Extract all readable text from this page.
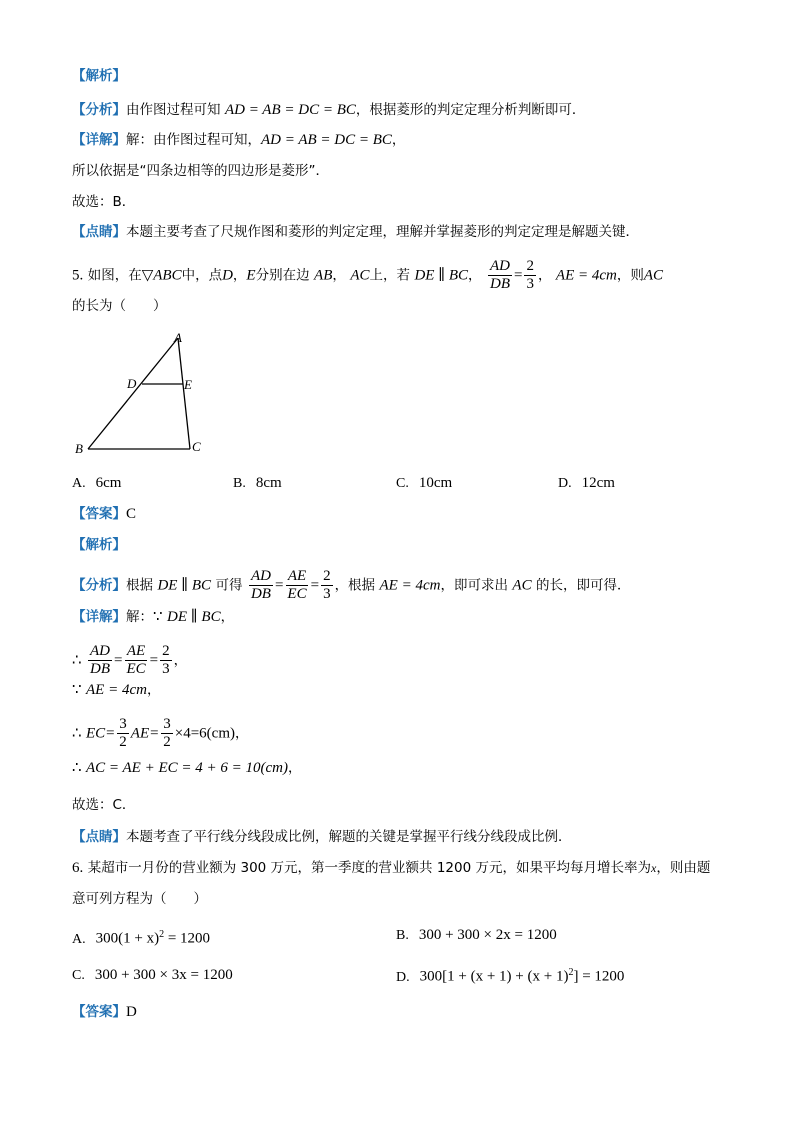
【解析】
【分析】由作图过程可知 AD = AB = DC = BC，根据菱形的判定定理分析判断即可．
【详解】解：由作图过程可知，AD = AB = DC = BC，
所以依据是“四条边相等的四边形是菱形”．
故选：B．
【点睛】本题主要考查了尺规作图和菱形的判定定理，理解并掌握菱形的判定定理是解题关键．
5. 如图，在▽ABC中，点D，E分别在边 AB， AC上，若 DE ∥ BC， $\frac{AD}{DB} = \frac{2}{3}$ ， AE = 4cm，则AC
的长为（　　）
A
D	E
B	C
A. 6cm	B. 8cm	C. 10cm	D. 12cm
【答案】C
【解析】
【分析】根据 DE ∥ BC 可得 $\frac{AD}{DB} = \frac{AE}{EC} = \frac{2}{3}$ ，根据 AE = 4cm，即可求出 AC 的长，即可得．
【详解】解：∵ DE ∥ BC，
∴ $\frac{AD}{DB} = \frac{AE}{EC} = \frac{2}{3}$ ，
∵ AE = 4cm，
∴ $EC= \frac{3}{2} AE= \frac{3}{2} \times 4=6(cm)$，
∴ AC = AE + EC = 4 + 6 = 10(cm)，
故选：C．
【点睛】本题考查了平行线分线段成比例，解题的关键是掌握平行线分线段成比例．
6. 某超市一月份的营业额为 300 万元，第一季度的营业额共 1200 万元，如果平均每月增长率为x，则由题
意可列方程为（　　）
A. $300(1 + x)^2 = 1200$	B. 300 + 300 × 2x = 1200
C. 300 + 300 × 3x = 1200	D. $300[1 + (x + 1) + (x + 1)^2] = 1200$
【答案】D
